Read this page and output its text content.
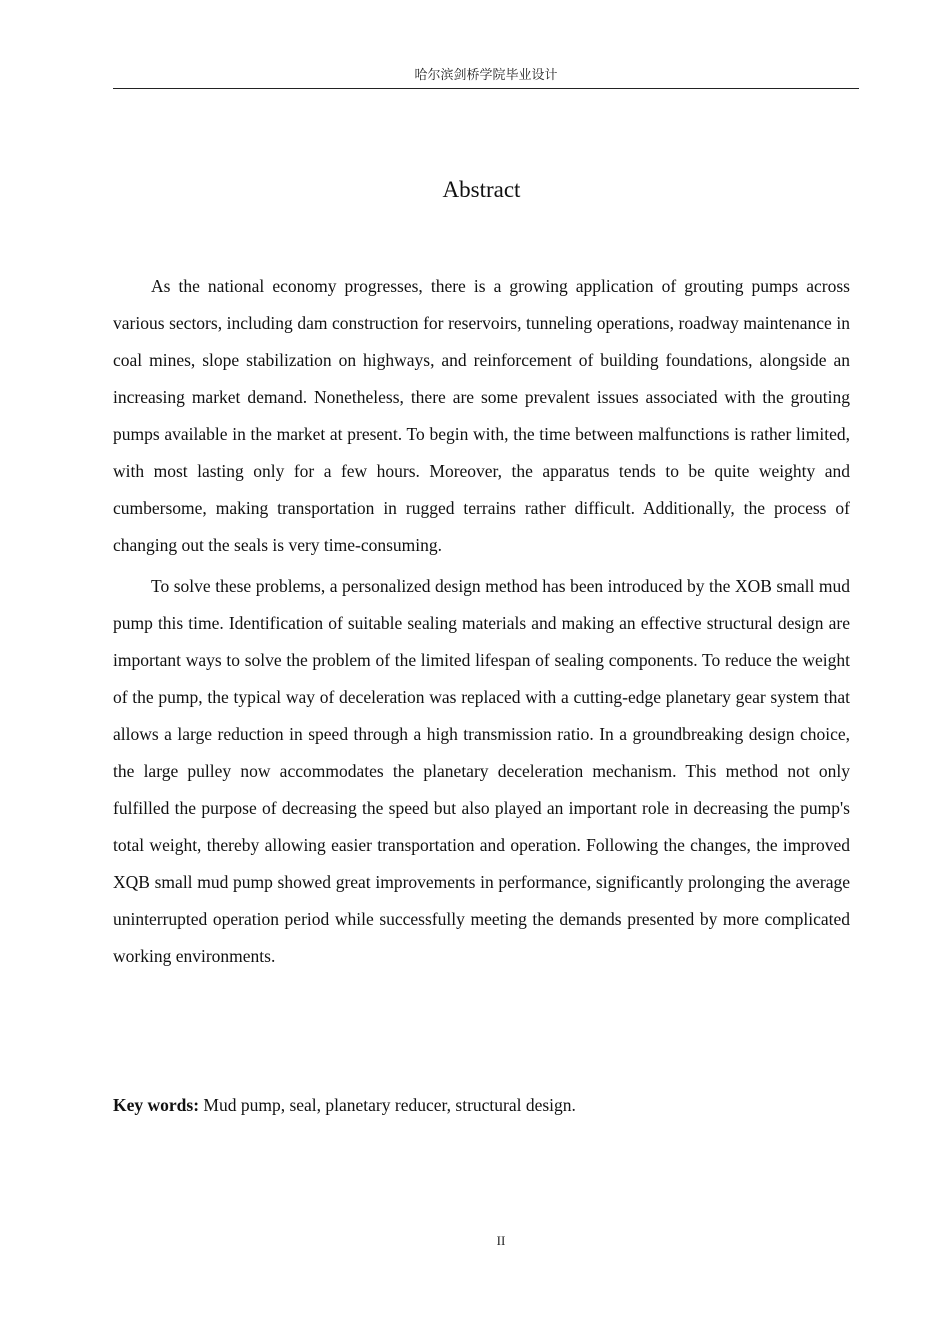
哈尔滨剑桥学院毕业设计
Abstract

As the national economy progresses, there is a growing application of grouting pumps across various sectors, including dam construction for reservoirs, tunneling operations, roadway maintenance in coal mines, slope stabilization on highways, and reinforcement of building foundations, alongside an increasing market demand. Nonetheless, there are some prevalent issues associated with the grouting pumps available in the market at present. To begin with, the time between malfunctions is rather limited, with most lasting only for a few hours. Moreover, the apparatus tends to be quite weighty and cumbersome, making transportation in rugged terrains rather difficult. Additionally, the process of changing out the seals is very time-consuming.

To solve these problems, a personalized design method has been introduced by the XOB small mud pump this time. Identification of suitable sealing materials and making an effective structural design are important ways to solve the problem of the limited lifespan of sealing components. To reduce the weight of the pump, the typical way of deceleration was replaced with a cutting-edge planetary gear system that allows a large reduction in speed through a high transmission ratio. In a groundbreaking design choice, the large pulley now accommodates the planetary deceleration mechanism. This method not only fulfilled the purpose of decreasing the speed but also played an important role in decreasing the pump's total weight, thereby allowing easier transportation and operation. Following the changes, the improved XQB small mud pump showed great improvements in performance, significantly prolonging the average uninterrupted operation period while successfully meeting the demands presented by more complicated working environments.

Key words: Mud pump, seal, planetary reducer, structural design.
II
